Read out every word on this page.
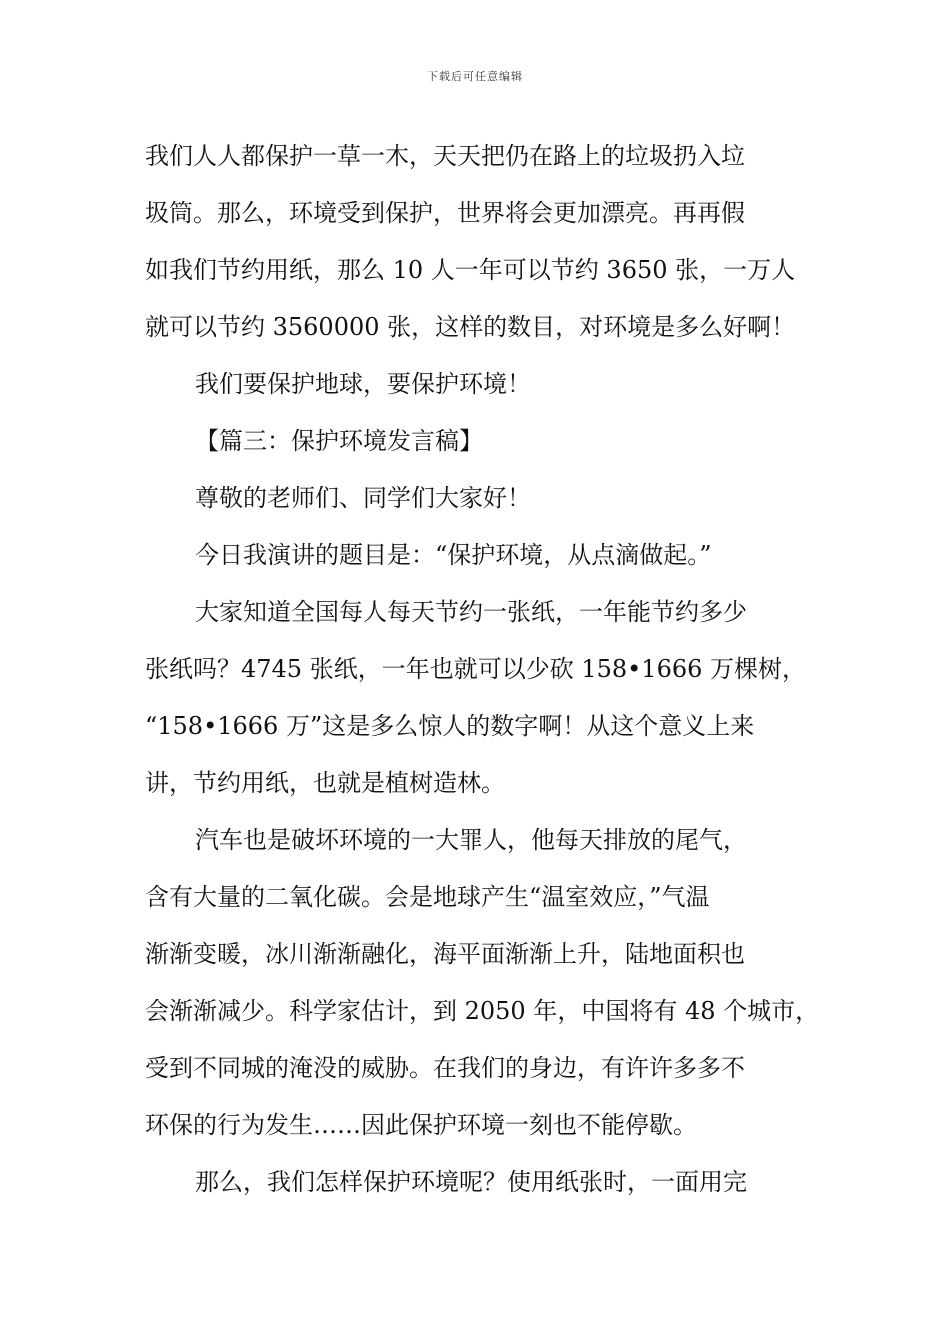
下载后可任意编辑
我们人人都保护一草一木，天天把仍在路上的垃圾扔入垃
圾筒。那么，环境受到保护，世界将会更加漂亮。再再假
如我们节约用纸，那么 10 人一年可以节约 3650 张，一万人
就可以节约 3560000 张，这样的数目，对环境是多么好啊！
我们要保护地球，要保护环境！
【篇三：保护环境发言稿】
尊敬的老师们、同学们大家好！
今日我演讲的题目是：“保护环境，从点滴做起。”
大家知道全国每人每天节约一张纸，一年能节约多少
张纸吗？4745 张纸，一年也就可以少砍 158•1666 万棵树，
“158•1666 万”这是多么惊人的数字啊！从这个意义上来
讲，节约用纸，也就是植树造林。
汽车也是破坏环境的一大罪人，他每天排放的尾气，
含有大量的二氧化碳。会是地球产生“温室效应，”气温
渐渐变暖，冰川渐渐融化，海平面渐渐上升，陆地面积也
会渐渐减少。科学家估计，到 2050 年，中国将有 48 个城市，
受到不同城的淹没的威胁。在我们的身边，有许许多多不
环保的行为发生……因此保护环境一刻也不能停歇。
那么，我们怎样保护环境呢？使用纸张时，一面用完
